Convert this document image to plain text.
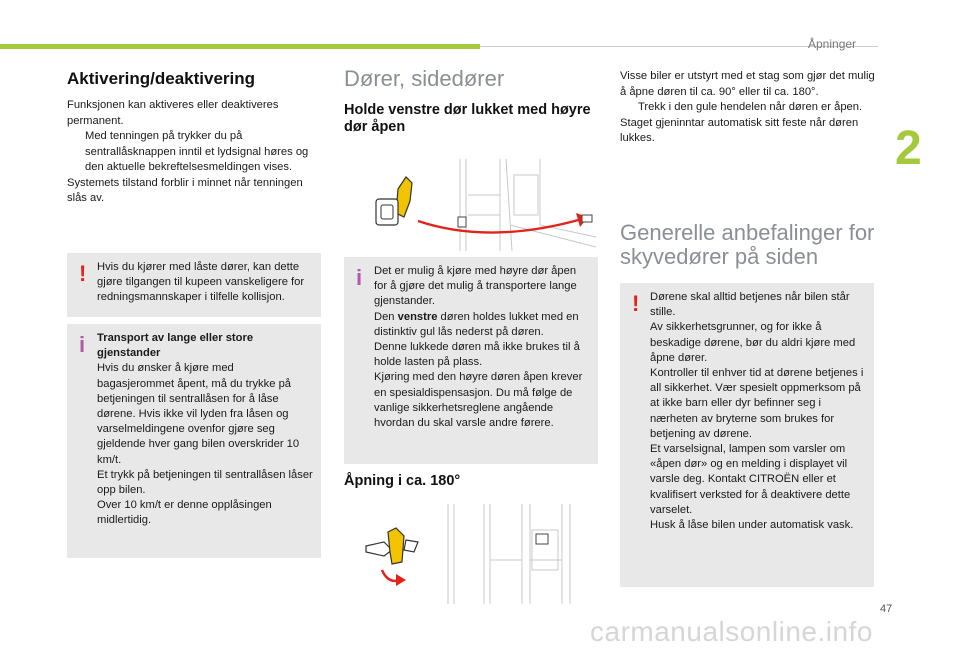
Åpninger
2
47
carmanualsonline.info
Aktivering/deaktivering

Funksjonen kan aktiveres eller deaktiveres permanent.

Med tenningen på trykker du på sentrallåsknappen inntil et lydsignal høres og den aktuelle bekreftelsesmeldingen vises.

Systemets tilstand forblir i minnet når tenningen slås av.

! Hvis du kjører med låste dører, kan dette gjøre tilgangen til kupeen vanskeligere for redningsmannskaper i tilfelle kollisjon.
i Transport av lange eller store gjenstander

Hvis du ønsker å kjøre med bagasjerommet åpent, må du trykke på betjeningen til sentrallåsen for å låse dørene. Hvis ikke vil lyden fra låsen og varselmeldingene ovenfor gjøre seg gjeldende hver gang bilen overskrider 10 km/t.

Et trykk på betjeningen til sentrallåsen låser opp bilen.

Over 10 km/t er denne opplåsingen midlertidig.

Dører, sidedører
Holde venstre dør lukket med høyre dør åpen
i Det er mulig å kjøre med høyre dør åpen for å gjøre det mulig å transportere lange gjenstander.

Den venstre døren holdes lukket med en distinktiv gul lås nederst på døren.

Denne lukkede døren må ikke brukes til å holde lasten på plass.

Kjøring med den høyre døren åpen krever en spesialdispensasjon. Du må følge de vanlige sikkerhetsreglene angående hvordan du skal varsle andre førere.

Åpning i ca. 180°

Visse biler er utstyrt med et stag som gjør det mulig å åpne døren til ca. 90° eller til ca. 180°.

Trekk i den gule hendelen når døren er åpen.

Staget gjeninntar automatisk sitt feste når døren lukkes.

Generelle anbefalinger for skyvedører på siden
! Dørene skal alltid betjenes når bilen står stille.

Av sikkerhetsgrunner, og for ikke å beskadige dørene, bør du aldri kjøre med åpne dører.

Kontroller til enhver tid at dørene betjenes i all sikkerhet. Vær spesielt oppmerksom på at ikke barn eller dyr befinner seg i nærheten av bryterne som brukes for betjening av dørene.

Et varselsignal, lampen som varsler om «åpen dør» og en melding i displayet vil varsle deg. Kontakt CITROËN eller et kvalifisert verksted for å deaktivere dette varselet.

Husk å låse bilen under automatisk vask.
